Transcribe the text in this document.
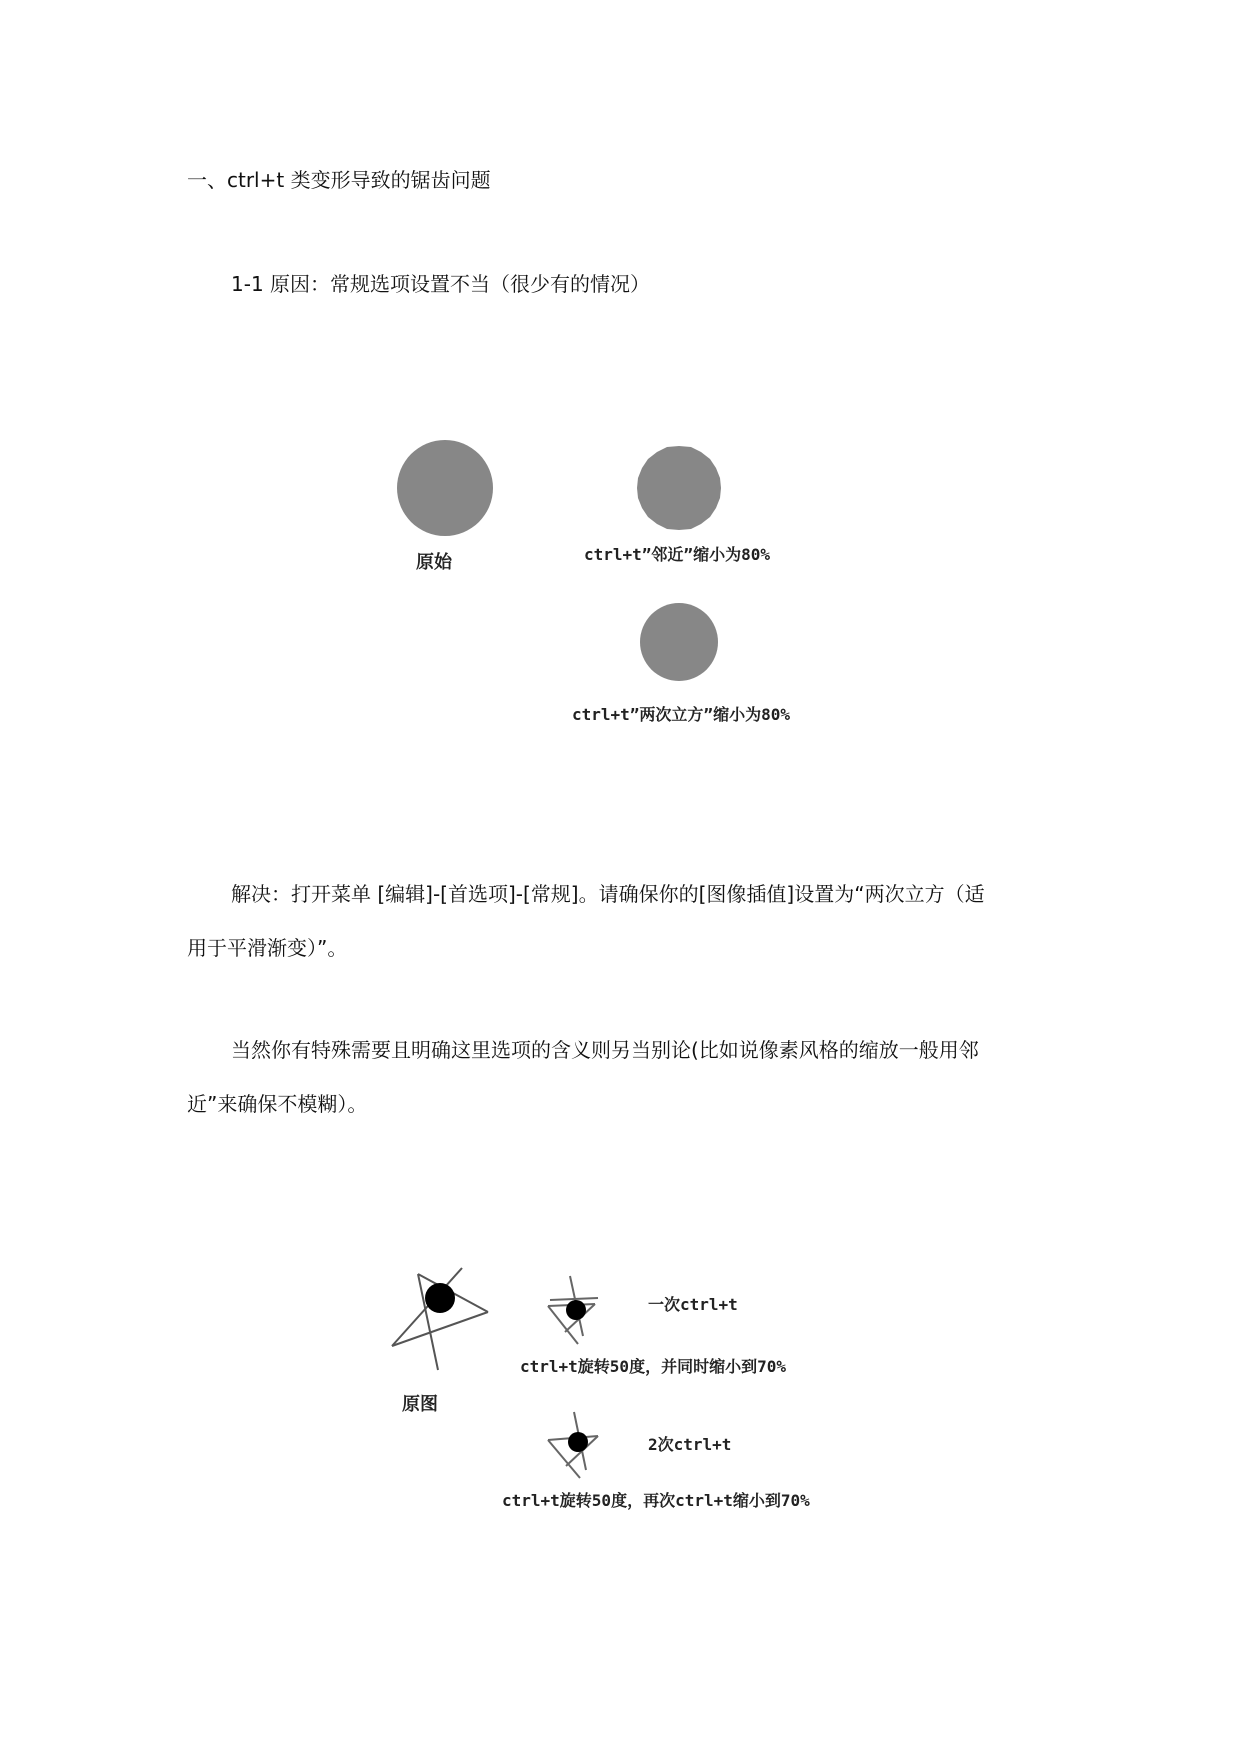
一、ctrl+t 类变形导致的锯齿问题
1-1 原因：常规选项设置不当（很少有的情况）
原始	ctrl+t”邻近”缩小为80%
ctrl+t”两次立方”缩小为80%
解决：打开菜单 [编辑]-[首选项]-[常规]。请确保你的[图像插值]设置为“两次立方（适
用于平滑渐变）”。
当然你有特殊需要且明确这里选项的含义则另当别论(比如说像素风格的缩放一般用邻
近”来确保不模糊）。
原图
一次ctrl+t
ctrl+t旋转50度，并同时缩小到70%
2次ctrl+t
ctrl+t旋转50度，再次ctrl+t缩小到70%
